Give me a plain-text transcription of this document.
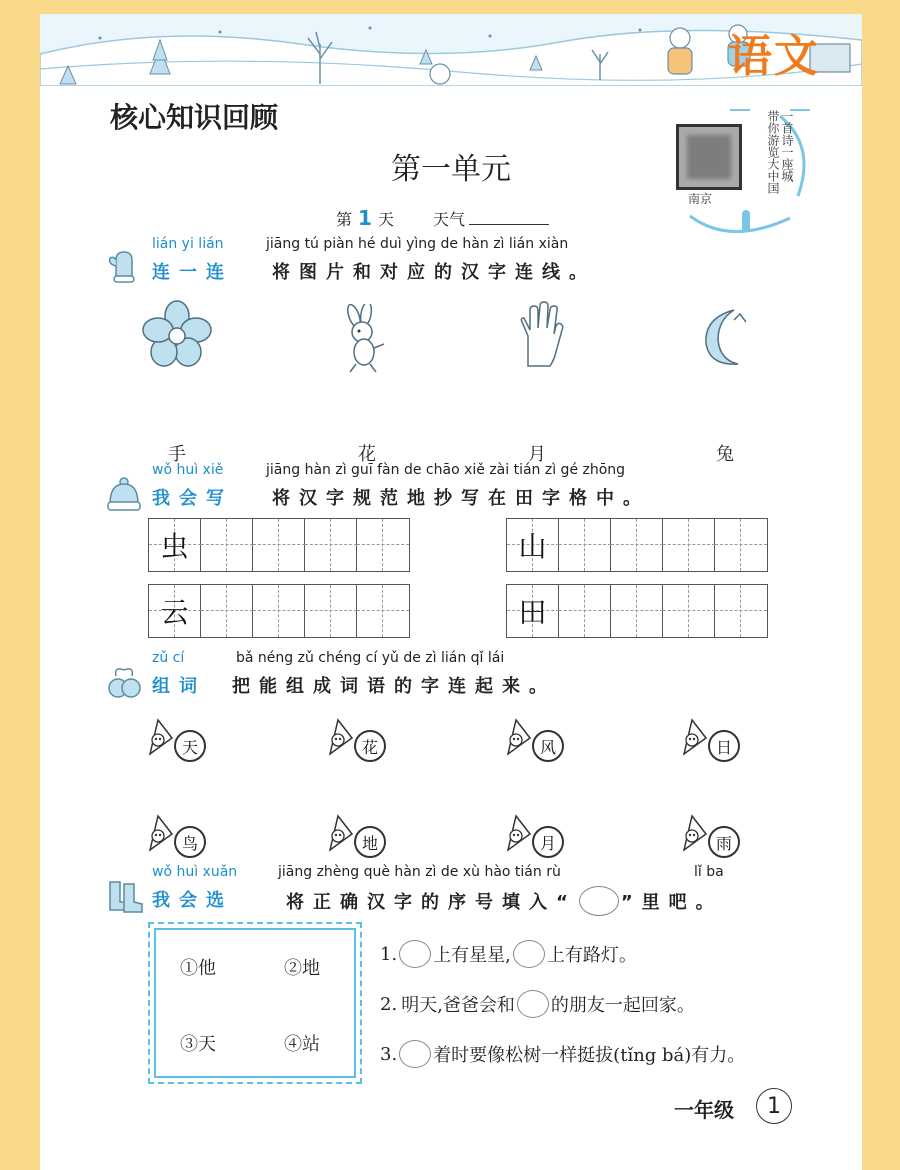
语文
核心知识回顾
第一单元
南京
一首诗一座城
带你游览大中国
第 1 天 天气
lián yi lián	jiāng tú piàn hé duì yìng de hàn zì lián xiàn
连一连 将图片和对应的汉字连线。
手	花	月	兔
wǒ huì xiě	jiāng hàn zì guī fàn de chāo xiě zài tián zì gé zhōng
我会写 将汉字规范地抄写在田字格中。
虫	山
云	田
zǔ cí	bǎ néng zǔ chéng cí yǔ de zì lián qǐ lái
组词 把能组成词语的字连起来。
天	花	风	日
鸟	地	月	雨
wǒ huì xuǎn	jiāng zhèng què hàn zì de xù hào tián rù	lǐ ba
我会选	将正确汉字的序号填入“ ”里吧。
①他	②地
③天	④站
1. 上有星星, 上有路灯。
2. 明天,爸爸会和 的朋友一起回家。
3. 着时要像松树一样挺拔(tǐng bá)有力。
一年级	1
